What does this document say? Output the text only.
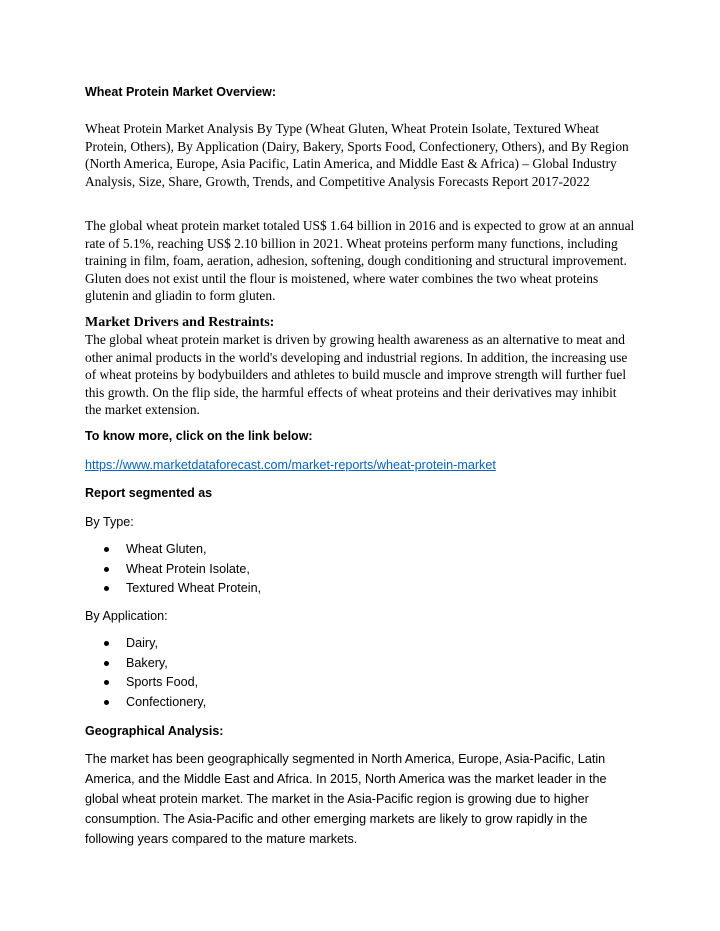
Wheat Protein Market Overview:

Wheat Protein Market Analysis By Type (Wheat Gluten, Wheat Protein Isolate, Textured Wheat Protein, Others), By Application (Dairy, Bakery, Sports Food, Confectionery, Others), and By Region (North America, Europe, Asia Pacific, Latin America, and Middle East & Africa) – Global Industry Analysis, Size, Share, Growth, Trends, and Competitive Analysis Forecasts Report 2017-2022

The global wheat protein market totaled US$ 1.64 billion in 2016 and is expected to grow at an annual rate of 5.1%, reaching US$ 2.10 billion in 2021. Wheat proteins perform many functions, including training in film, foam, aeration, adhesion, softening, dough conditioning and structural improvement. Gluten does not exist until the flour is moistened, where water combines the two wheat proteins glutenin and gliadin to form gluten.

Market Drivers and Restraints:

The global wheat protein market is driven by growing health awareness as an alternative to meat and other animal products in the world's developing and industrial regions. In addition, the increasing use of wheat proteins by bodybuilders and athletes to build muscle and improve strength will further fuel this growth. On the flip side, the harmful effects of wheat proteins and their derivatives may inhibit the market extension.

To know more, click on the link below:
https://www.marketdataforecast.com/market-reports/wheat-protein-market
Report segmented as
By Type:
Wheat Gluten,
Wheat Protein Isolate,
Textured Wheat Protein,
By Application:
Dairy,
Bakery,
Sports Food,
Confectionery,
Geographical Analysis:

The market has been geographically segmented in North America, Europe, Asia-Pacific, Latin America, and the Middle East and Africa. In 2015, North America was the market leader in the global wheat protein market. The market in the Asia-Pacific region is growing due to higher consumption. The Asia-Pacific and other emerging markets are likely to grow rapidly in the following years compared to the mature markets.
